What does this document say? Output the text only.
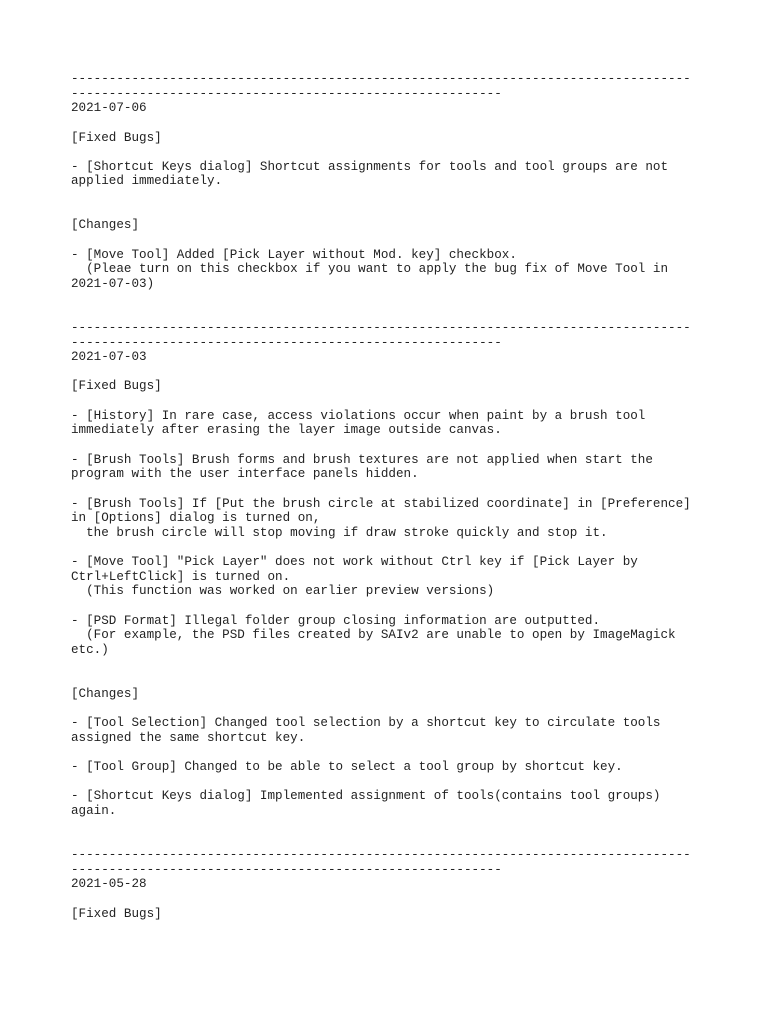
----------------------------------------------------------------------------------
---------------------------------------------------------
2021-07-06
[Fixed Bugs]
- [Shortcut Keys dialog] Shortcut assignments for tools and tool groups are not
applied immediately.
[Changes]
- [Move Tool] Added [Pick Layer without Mod. key] checkbox.
(Pleae turn on this checkbox if you want to apply the bug fix of Move Tool in
2021-07-03)
----------------------------------------------------------------------------------
---------------------------------------------------------
2021-07-03
[Fixed Bugs]
- [History] In rare case, access violations occur when paint by a brush tool
immediately after erasing the layer image outside canvas.
- [Brush Tools] Brush forms and brush textures are not applied when start the
program with the user interface panels hidden.
- [Brush Tools] If [Put the brush circle at stabilized coordinate] in [Preference]
in [Options] dialog is turned on,
the brush circle will stop moving if draw stroke quickly and stop it.
- [Move Tool] "Pick Layer" does not work without Ctrl key if [Pick Layer by
Ctrl+LeftClick] is turned on.
(This function was worked on earlier preview versions)
- [PSD Format] Illegal folder group closing information are outputted.
(For example, the PSD files created by SAIv2 are unable to open by ImageMagick
etc.)
[Changes]
- [Tool Selection] Changed tool selection by a shortcut key to circulate tools
assigned the same shortcut key.
- [Tool Group] Changed to be able to select a tool group by shortcut key.
- [Shortcut Keys dialog] Implemented assignment of tools(contains tool groups)
again.
----------------------------------------------------------------------------------
---------------------------------------------------------
2021-05-28
[Fixed Bugs]
